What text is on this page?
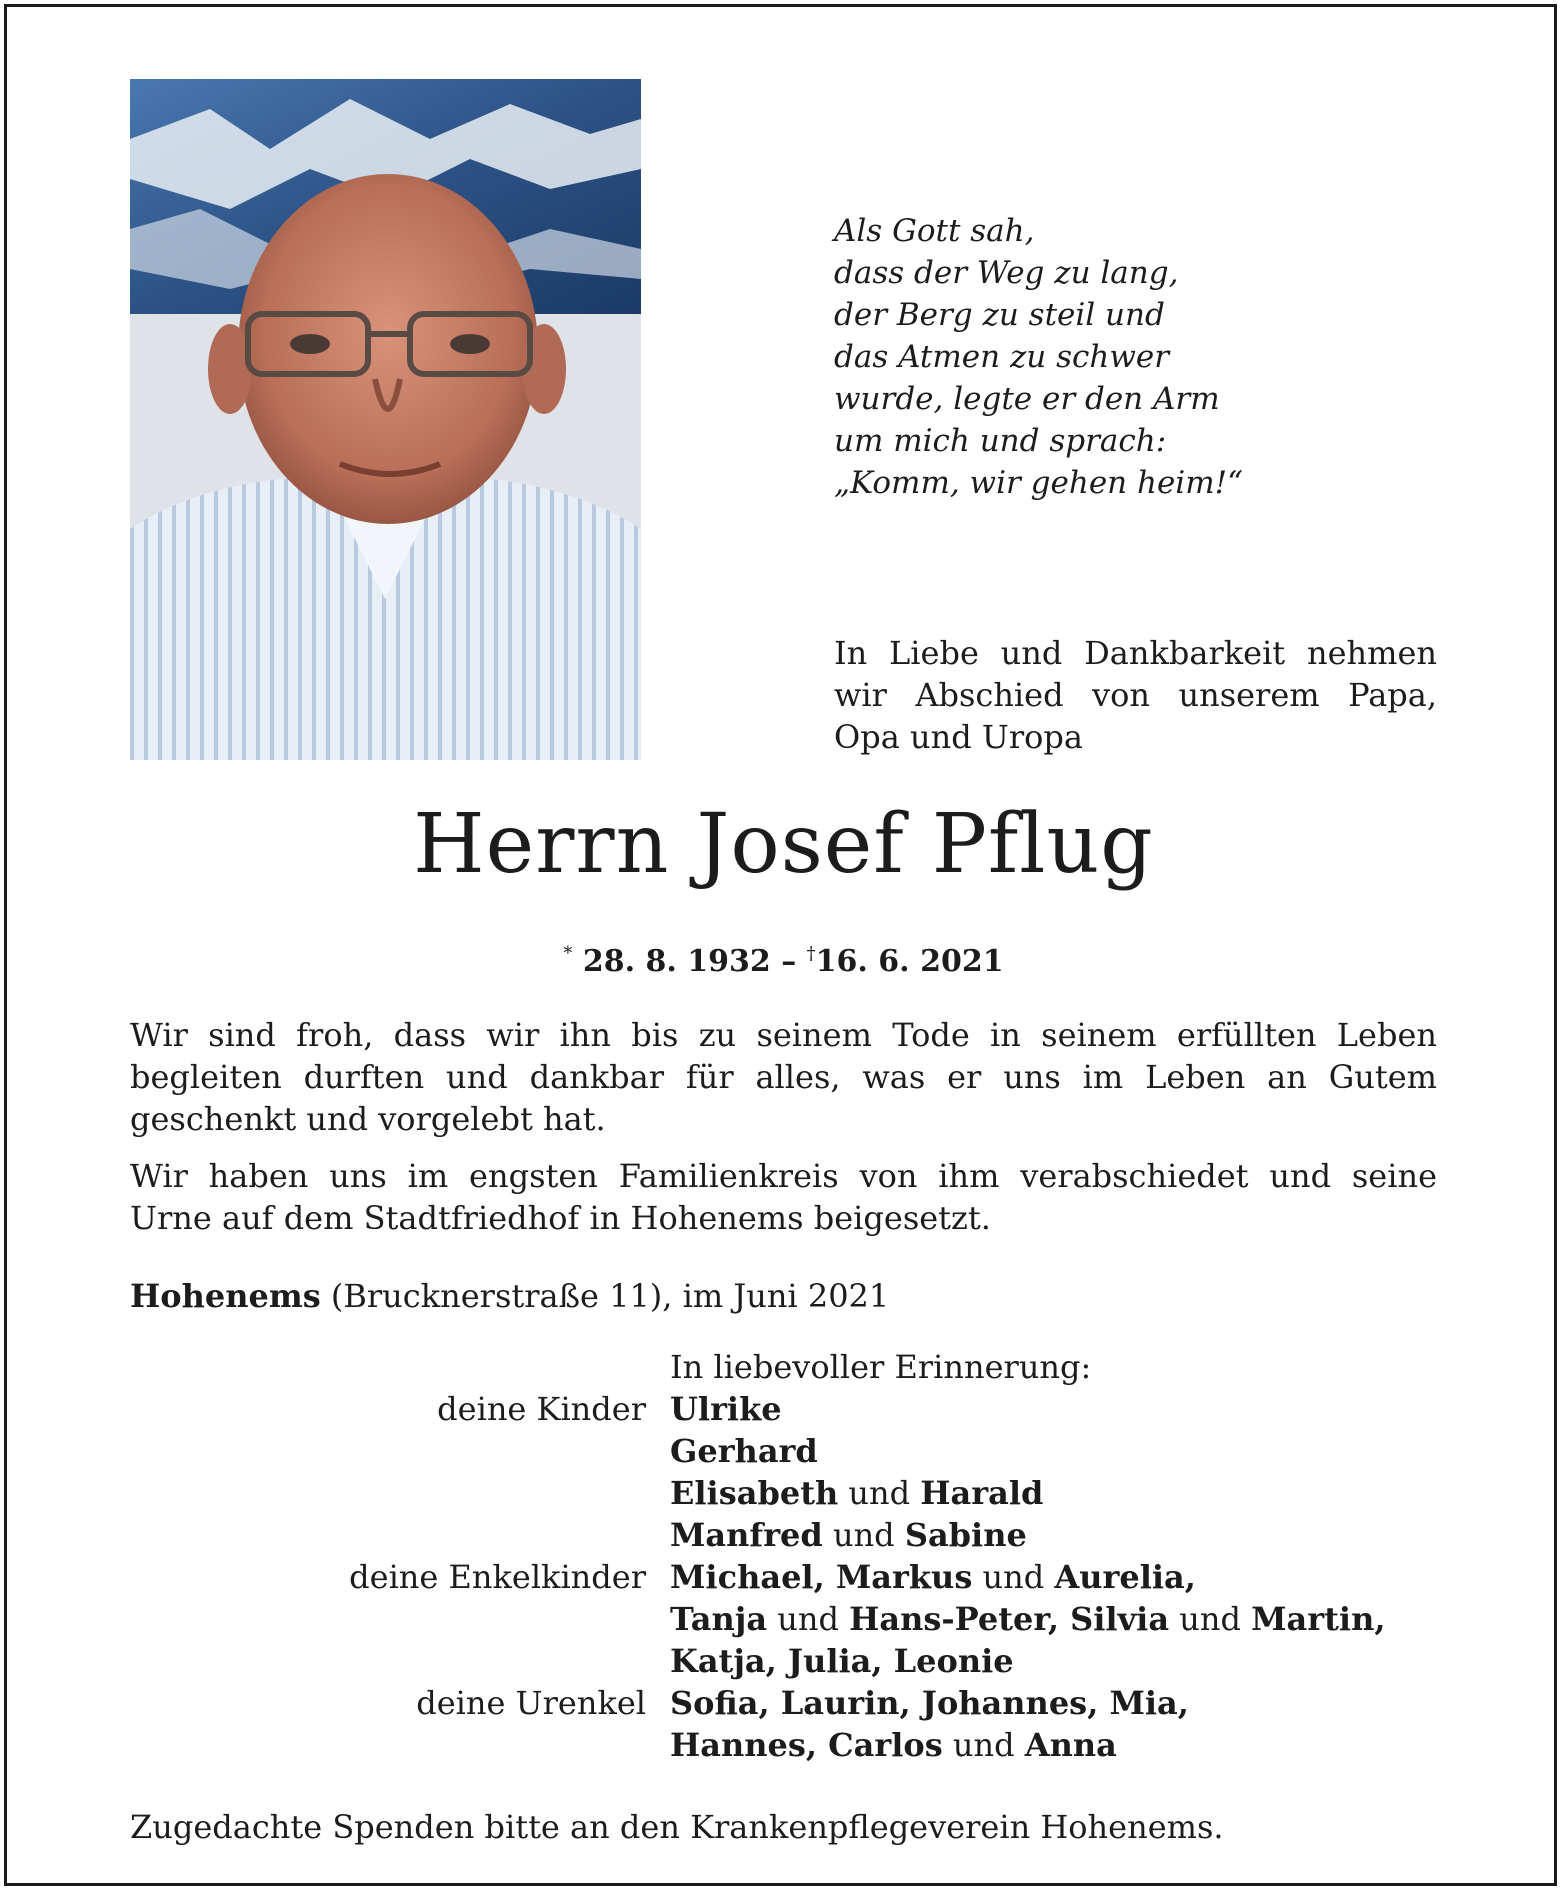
Als Gott sah,
dass der Weg zu lang,
der Berg zu steil und
das Atmen zu schwer
wurde, legte er den Arm
um mich und sprach:
„Komm, wir gehen heim!“
In Liebe und Dankbarkeit nehmen
wir Abschied von unserem Papa,
Opa und Uropa
Herrn Josef Pflug
* 28. 8. 1932 – †16. 6. 2021
Wir sind froh, dass wir ihn bis zu seinem Tode in seinem erfüllten Leben
begleiten durften und dankbar für alles, was er uns im Leben an Gutem
geschenkt und vorgelebt hat.
Wir haben uns im engsten Familienkreis von ihm verabschiedet und seine
Urne auf dem Stadtfriedhof in Hohenems beigesetzt.
Hohenems (Brucknerstraße 11), im Juni 2021
In liebevoller Erinnerung:
deine Kinder Ulrike
Gerhard
Elisabeth und Harald
Manfred und Sabine
deine Enkelkinder Michael, Markus und Aurelia,
Tanja und Hans-Peter, Silvia und Martin,
Katja, Julia, Leonie
deine Urenkel Sofia, Laurin, Johannes, Mia,
Hannes, Carlos und Anna
Zugedachte Spenden bitte an den Krankenpflegeverein Hohenems.
